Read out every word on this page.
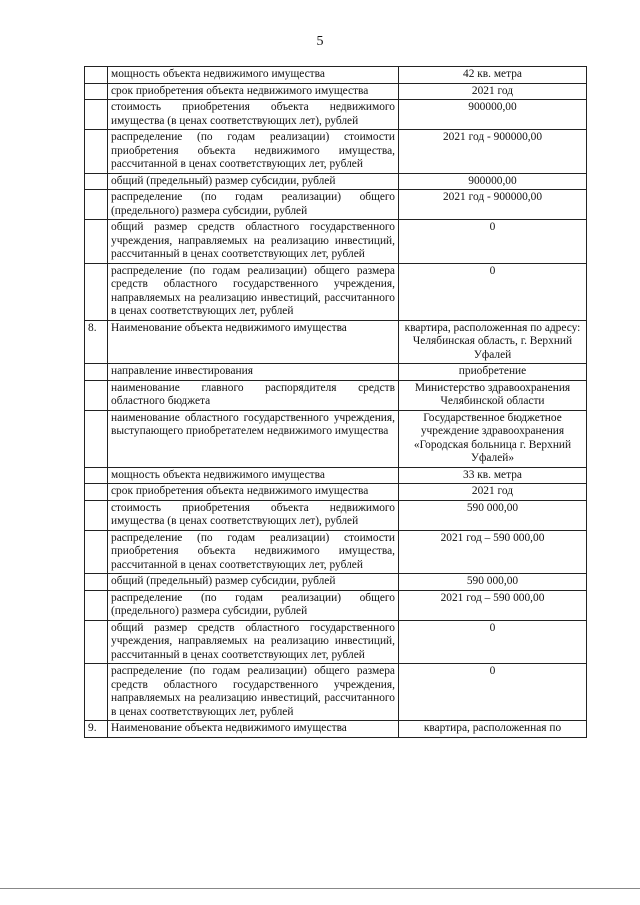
5
	мощность объекта недвижимого имущества	42 кв. метра
	срок приобретения объекта недвижимого имущества	2021 год
	стоимость приобретения объекта недвижимого имущества (в ценах соответствующих лет), рублей	900000,00
	распределение (по годам реализации) стоимости приобретения объекта недвижимого имущества, рассчитанной в ценах соответствующих лет, рублей	2021 год - 900000,00
	общий (предельный) размер субсидии, рублей	900000,00
	распределение (по годам реализации) общего (предельного) размера субсидии, рублей	2021 год - 900000,00
	общий размер средств областного государственного учреждения, направляемых на реализацию инвестиций, рассчитанный в ценах соответствующих лет, рублей	0
	распределение (по годам реализации) общего размера средств областного государственного учреждения, направляемых на реализацию инвестиций, рассчитанного в ценах соответствующих лет, рублей	0
8.	Наименование объекта недвижимого имущества	квартира, расположенная по адресу: Челябинская область, г. Верхний Уфалей
	направление инвестирования	приобретение
	наименование главного распорядителя средств областного бюджета	Министерство здравоохранения Челябинской области
	наименование областного государственного учреждения, выступающего приобретателем недвижимого имущества	Государственное бюджетное учреждение здравоохранения «Городская больница г. Верхний Уфалей»
	мощность объекта недвижимого имущества	33 кв. метра
	срок приобретения объекта недвижимого имущества	2021 год
	стоимость приобретения объекта недвижимого имущества (в ценах соответствующих лет), рублей	590 000,00
	распределение (по годам реализации) стоимости приобретения объекта недвижимого имущества, рассчитанной в ценах соответствующих лет, рублей	2021 год – 590 000,00
	общий (предельный) размер субсидии, рублей	590 000,00
	распределение (по годам реализации) общего (предельного) размера субсидии, рублей	2021 год – 590 000,00
	общий размер средств областного государственного учреждения, направляемых на реализацию инвестиций, рассчитанный в ценах соответствующих лет, рублей	0
	распределение (по годам реализации) общего размера средств областного государственного учреждения, направляемых на реализацию инвестиций, рассчитанного в ценах соответствующих лет, рублей	0
9.	Наименование объекта недвижимого имущества	квартира, расположенная по
